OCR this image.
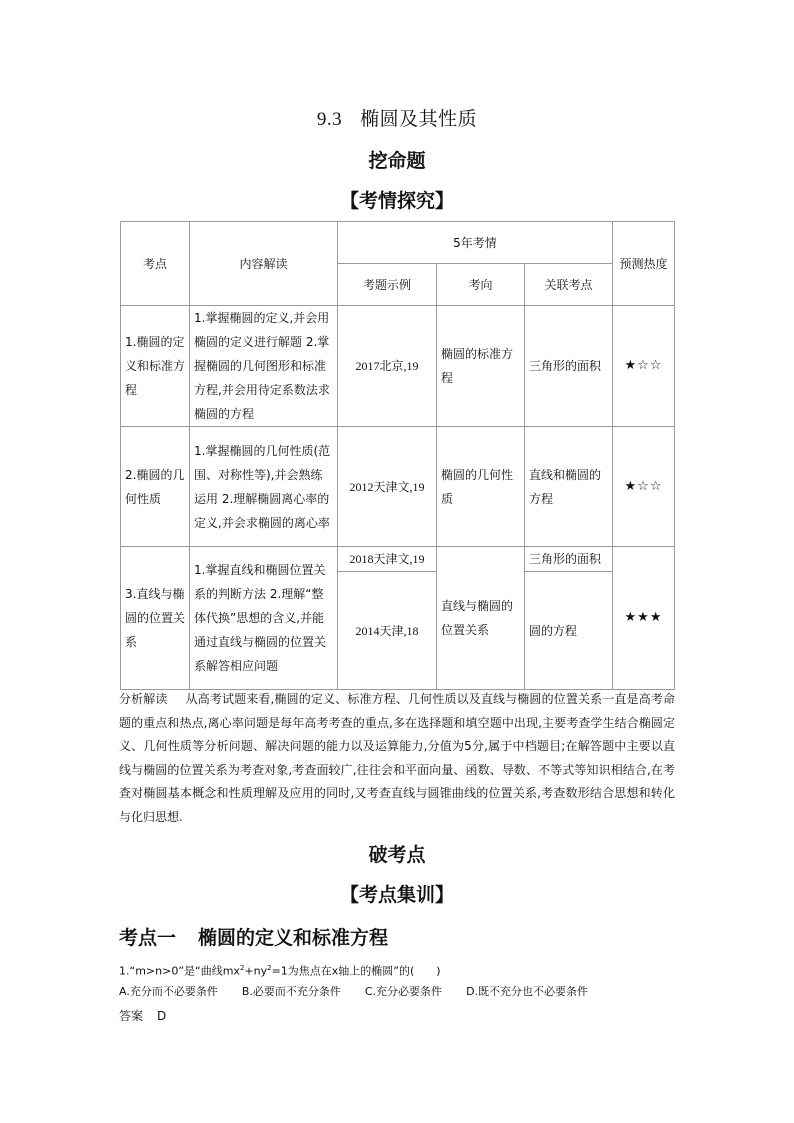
9.3 椭圆及其性质
挖命题
【考情探究】
考点	内容解读	5年考情			预测热度
		考题示例	考向	关联考点	
1.椭圆的定义和标准方程	1.掌握椭圆的定义,并会用椭圆的定义进行解题 2.掌握椭圆的几何图形和标准方程,并会用待定系数法求椭圆的方程	2017北京,19	椭圆的标准方程	三角形的面积	★☆☆
2.椭圆的几何性质	1.掌握椭圆的几何性质(范围、对称性等),并会熟练运用 2.理解椭圆离心率的定义,并会求椭圆的离心率	2012天津文,19	椭圆的几何性质	直线和椭圆的方程	★☆☆
3.直线与椭圆的位置关系	1.掌握直线和椭圆位置关系的判断方法 2.理解“整体代换”思想的含义,并能通过直线与椭圆的位置关系解答相应问题	2018天津文,19	直线与椭圆的位置关系	三角形的面积	★★★
		2014天津,18		圆的方程	
分析解读 从高考试题来看,椭圆的定义、标准方程、几何性质以及直线与椭圆的位置关系一直是高考命题的重点和热点,离心率问题是每年高考考查的重点,多在选择题和填空题中出现,主要考查学生结合椭圆定义、几何性质等分析问题、解决问题的能力以及运算能力,分值为5分,属于中档题目;在解答题中主要以直线与椭圆的位置关系为考查对象,考查面较广,往往会和平面向量、函数、导数、不等式等知识相结合,在考查对椭圆基本概念和性质理解及应用的同时,又考查直线与圆锥曲线的位置关系,考查数形结合思想和转化与化归思想.
破考点
【考点集训】
考点一 椭圆的定义和标准方程
1.“m>n>0”是“曲线$mx^2+ny^2=1$为焦点在x轴上的椭圆”的(　　)
A.充分而不必要条件 B.必要而不充分条件 C.充分必要条件 D.既不充分也不必要条件
答案 D
